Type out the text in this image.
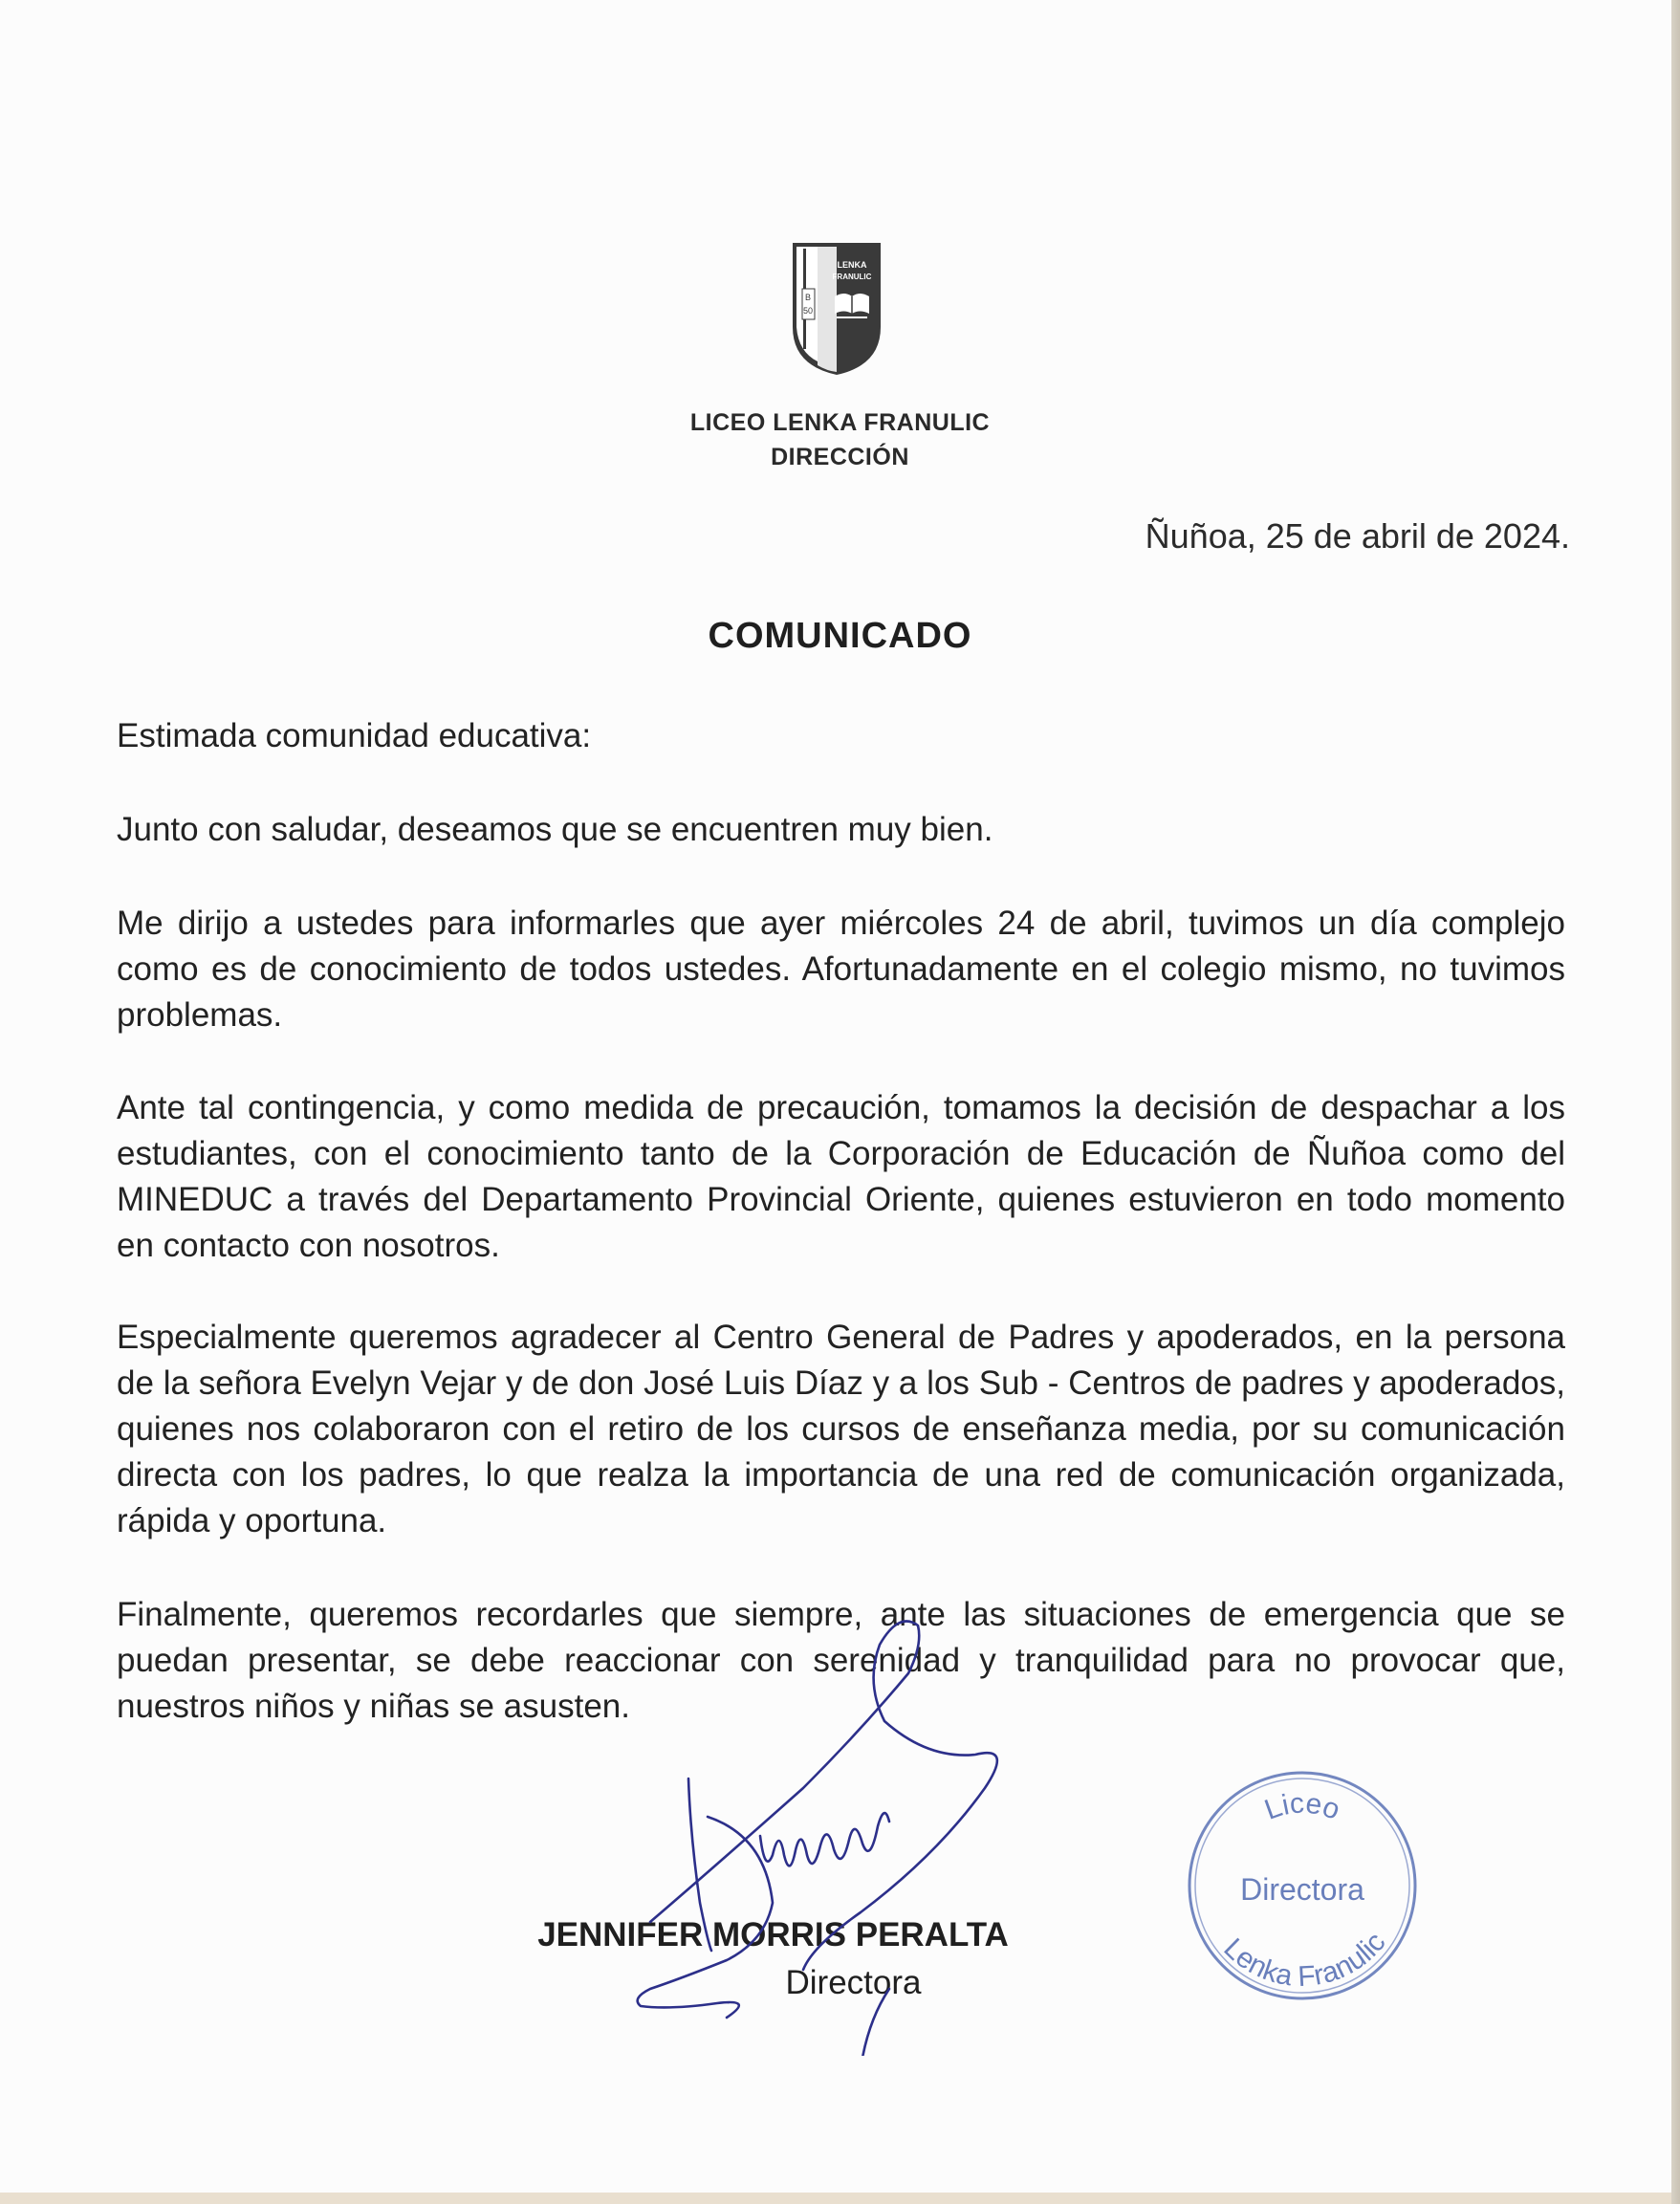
B
50
LENKA
FRANULIC
LICEO LENKA FRANULIC
DIRECCIÓN
Ñuñoa, 25 de abril de 2024.
COMUNICADO
Estimada comunidad educativa:
Junto con saludar, deseamos que se encuentren muy bien.
Me dirijo a ustedes para informarles que ayer miércoles 24 de abril, tuvimos un día complejo como es de conocimiento de todos ustedes. Afortunadamente en el colegio mismo, no tuvimos problemas.
Ante tal contingencia, y como medida de precaución, tomamos la decisión de despachar a los estudiantes, con el conocimiento tanto de la Corporación de Educación de Ñuñoa como del MINEDUC a través del Departamento Provincial Oriente, quienes estuvieron en todo momento en contacto con nosotros.
Especialmente queremos agradecer al Centro General de Padres y apoderados, en la persona de la señora Evelyn Vejar y de don José Luis Díaz y a los Sub - Centros de padres y apoderados, quienes nos colaboraron con el retiro de los cursos de enseñanza media, por su comunicación directa con los padres, lo que realza la importancia de una red de comunicación organizada, rápida y oportuna.
Finalmente, queremos recordarles que siempre, ante las situaciones de emergencia que se puedan presentar, se debe reaccionar con serenidad y tranquilidad para no provocar que, nuestros niños y niñas se asusten.
JENNIFER MORRIS PERALTA
Directora
Liceo
Directora
Lenka Franulic
